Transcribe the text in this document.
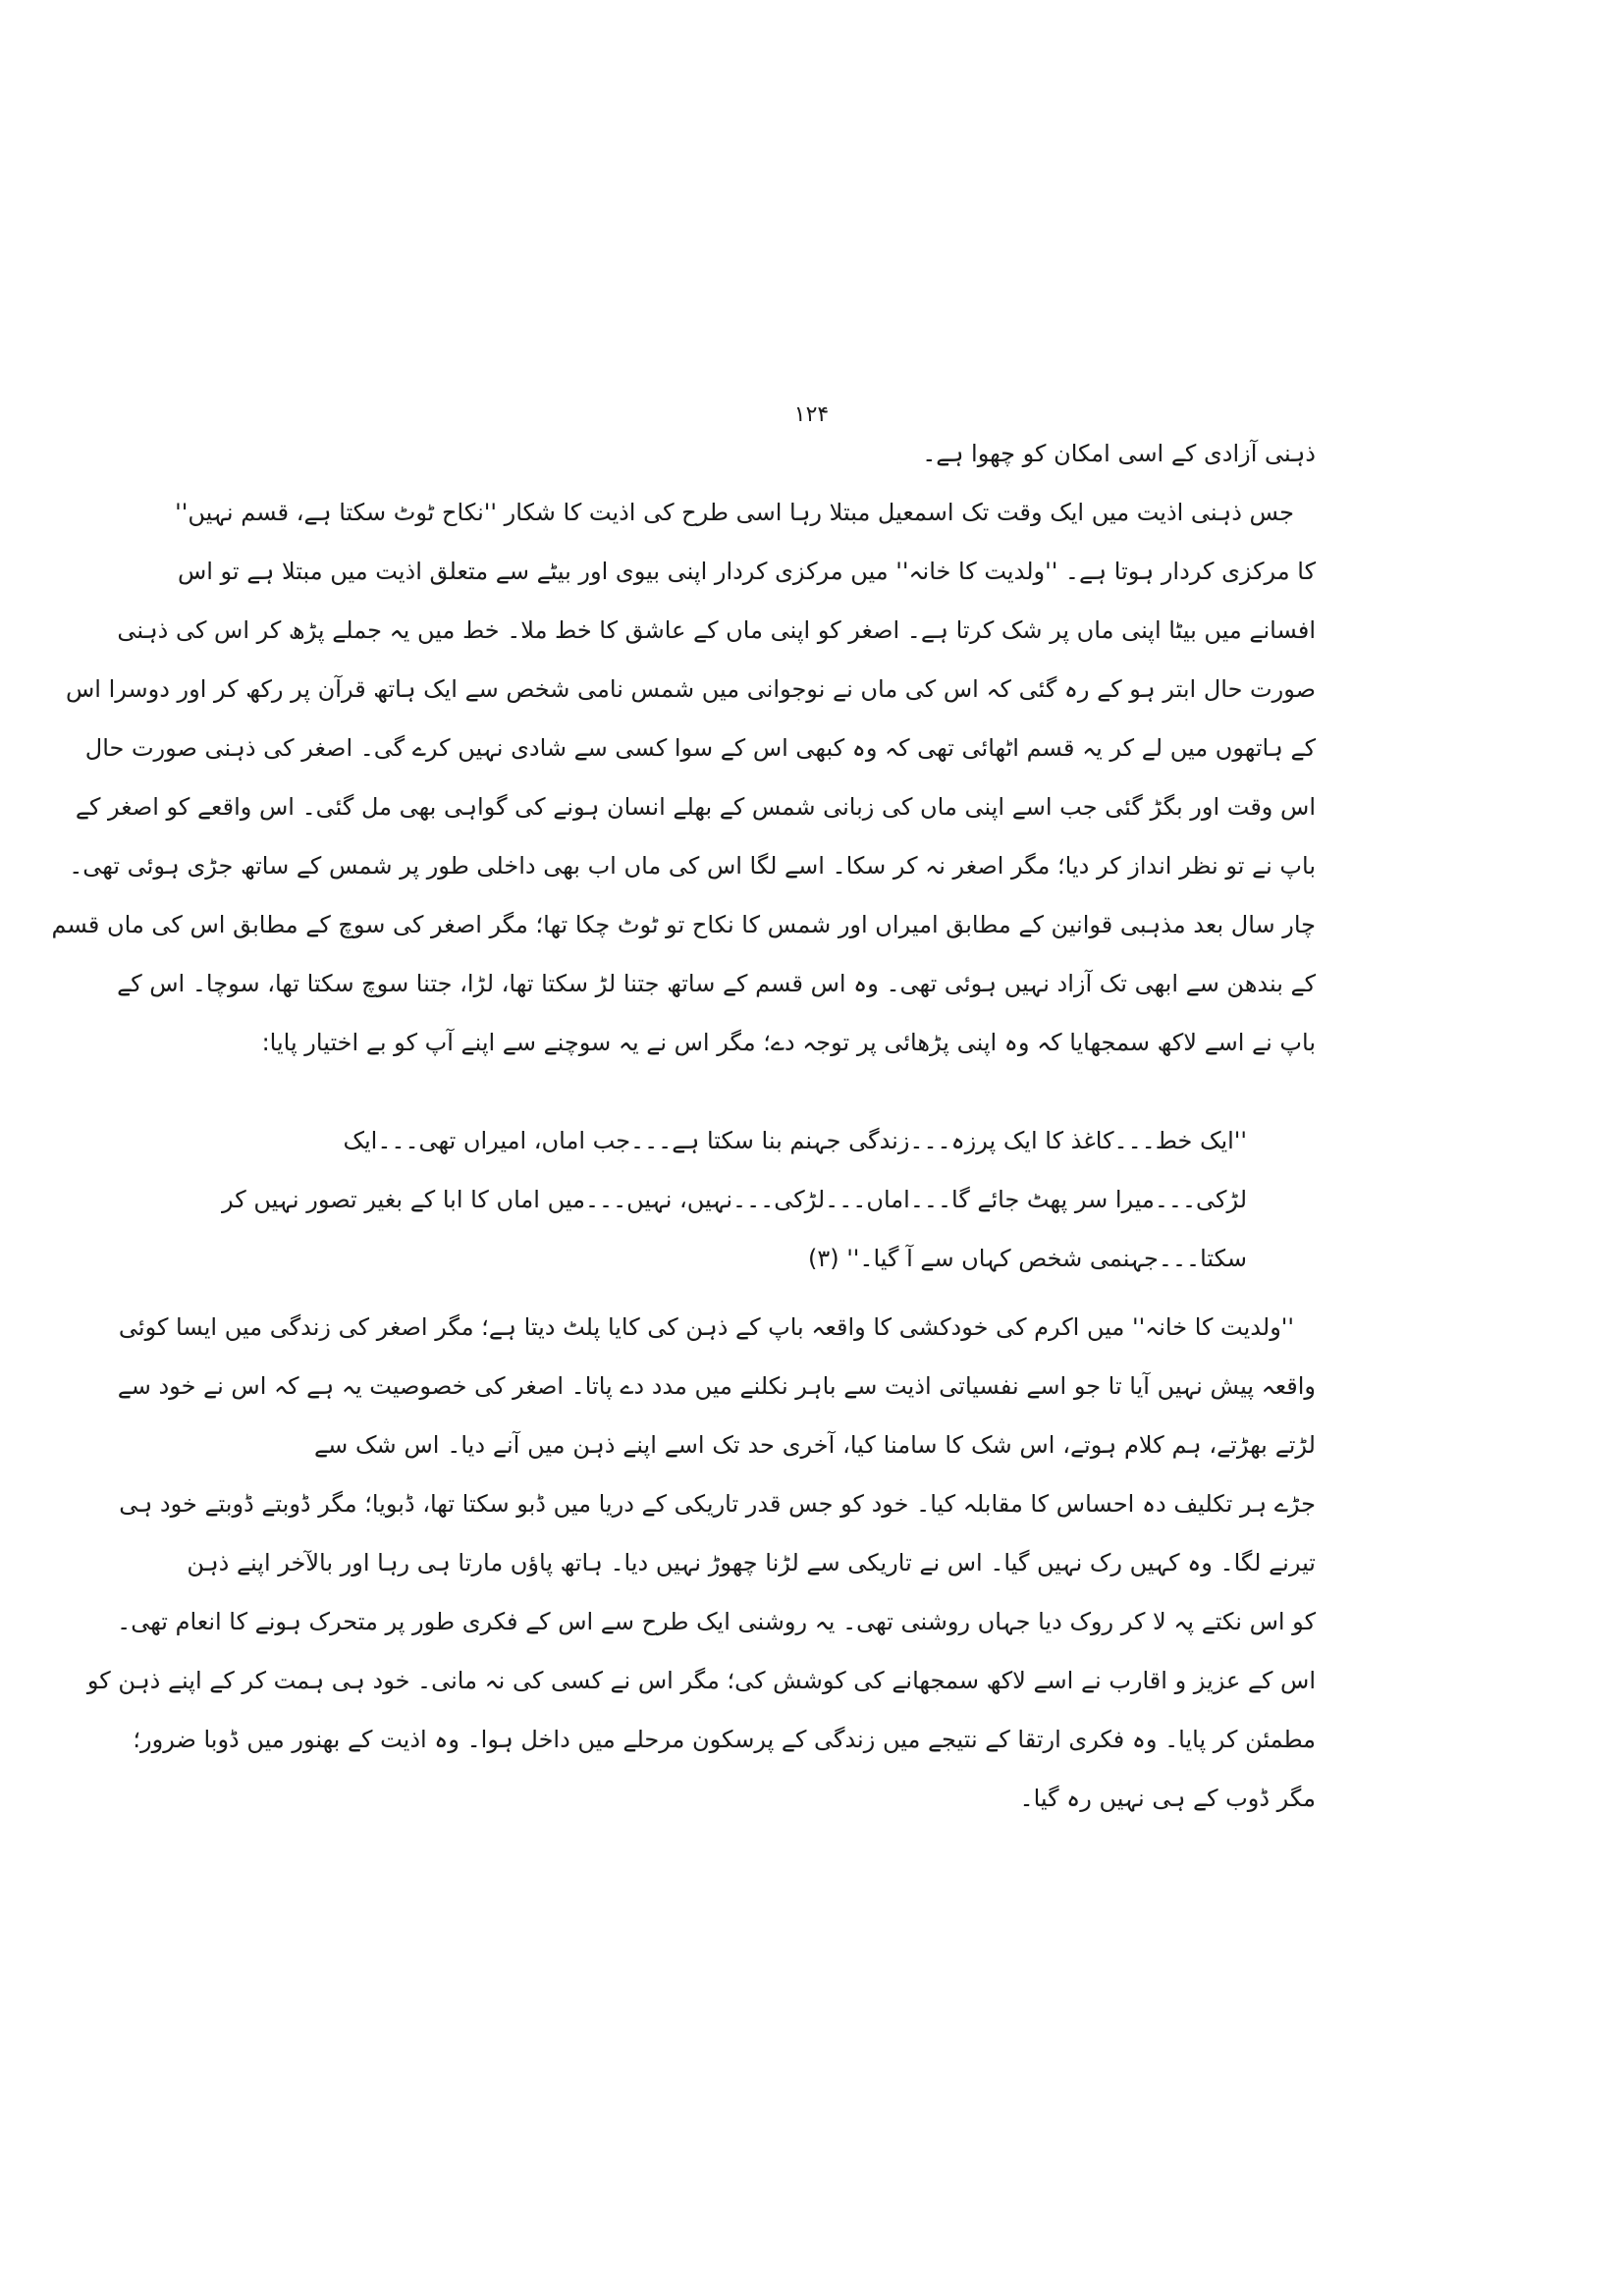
۱۲۴
ذہنی آزادی کے اسی امکان کو چھوا ہے۔
جس ذہنی اذیت میں ایک وقت تک اسمعیل مبتلا رہا اسی طرح کی اذیت کا شکار ''نکاح ٹوٹ سکتا ہے، قسم نہیں''
کا مرکزی کردار ہوتا ہے۔ ''ولدیت کا خانہ'' میں مرکزی کردار اپنی بیوی اور بیٹے سے متعلق اذیت میں مبتلا ہے تو اس
افسانے میں بیٹا اپنی ماں پر شک کرتا ہے۔ اصغر کو اپنی ماں کے عاشق کا خط ملا۔ خط میں یہ جملے پڑھ کر اس کی ذہنی
صورت حال ابتر ہو کے رہ گئی کہ اس کی ماں نے نوجوانی میں شمس نامی شخص سے ایک ہاتھ قرآن پر رکھ کر اور دوسرا اس
کے ہاتھوں میں لے کر یہ قسم اٹھائی تھی کہ وہ کبھی اس کے سوا کسی سے شادی نہیں کرے گی۔ اصغر کی ذہنی صورت حال
اس وقت اور بگڑ گئی جب اسے اپنی ماں کی زبانی شمس کے بھلے انسان ہونے کی گواہی بھی مل گئی۔ اس واقعے کو اصغر کے
باپ نے تو نظر انداز کر دیا؛ مگر اصغر نہ کر سکا۔ اسے لگا اس کی ماں اب بھی داخلی طور پر شمس کے ساتھ جڑی ہوئی تھی۔
چار سال بعد مذہبی قوانین کے مطابق امیراں اور شمس کا نکاح تو ٹوٹ چکا تھا؛ مگر اصغر کی سوچ کے مطابق اس کی ماں قسم
کے بندھن سے ابھی تک آزاد نہیں ہوئی تھی۔ وہ اس قسم کے ساتھ جتنا لڑ سکتا تھا، لڑا، جتنا سوچ سکتا تھا، سوچا۔ اس کے
باپ نے اسے لاکھ سمجھایا کہ وہ اپنی پڑھائی پر توجہ دے؛ مگر اس نے یہ سوچنے سے اپنے آپ کو بے اختیار پایا:
''ایک خط۔۔۔کاغذ کا ایک پرزہ۔۔۔زندگی جہنم بنا سکتا ہے۔۔۔جب اماں، امیراں تھی۔۔۔ایک
لڑکی۔۔۔میرا سر پھٹ جائے گا۔۔۔اماں۔۔۔لڑکی۔۔۔نہیں، نہیں۔۔۔میں اماں کا ابا کے بغیر تصور نہیں کر
سکتا۔۔۔جہنمی شخص کہاں سے آ گیا۔'' (۳)
''ولدیت کا خانہ'' میں اکرم کی خودکشی کا واقعہ باپ کے ذہن کی کایا پلٹ دیتا ہے؛ مگر اصغر کی زندگی میں ایسا کوئی
واقعہ پیش نہیں آیا تا جو اسے نفسیاتی اذیت سے باہر نکلنے میں مدد دے پاتا۔ اصغر کی خصوصیت یہ ہے کہ اس نے خود سے
لڑتے بھڑتے، ہم کلام ہوتے، اس شک کا سامنا کیا، آخری حد تک اسے اپنے ذہن میں آنے دیا۔ اس شک سے
جڑے ہر تکلیف دہ احساس کا مقابلہ کیا۔ خود کو جس قدر تاریکی کے دریا میں ڈبو سکتا تھا، ڈبویا؛ مگر ڈوبتے ڈوبتے خود ہی
تیرنے لگا۔ وہ کہیں رک نہیں گیا۔ اس نے تاریکی سے لڑنا چھوڑ نہیں دیا۔ ہاتھ پاؤں مارتا ہی رہا اور بالآخر اپنے ذہن
کو اس نکتے پہ لا کر روک دیا جہاں روشنی تھی۔ یہ روشنی ایک طرح سے اس کے فکری طور پر متحرک ہونے کا انعام تھی۔
اس کے عزیز و اقارب نے اسے لاکھ سمجھانے کی کوشش کی؛ مگر اس نے کسی کی نہ مانی۔ خود ہی ہمت کر کے اپنے ذہن کو
مطمئن کر پایا۔ وہ فکری ارتقا کے نتیجے میں زندگی کے پرسکون مرحلے میں داخل ہوا۔ وہ اذیت کے بھنور میں ڈوبا ضرور؛
مگر ڈوب کے ہی نہیں رہ گیا۔
